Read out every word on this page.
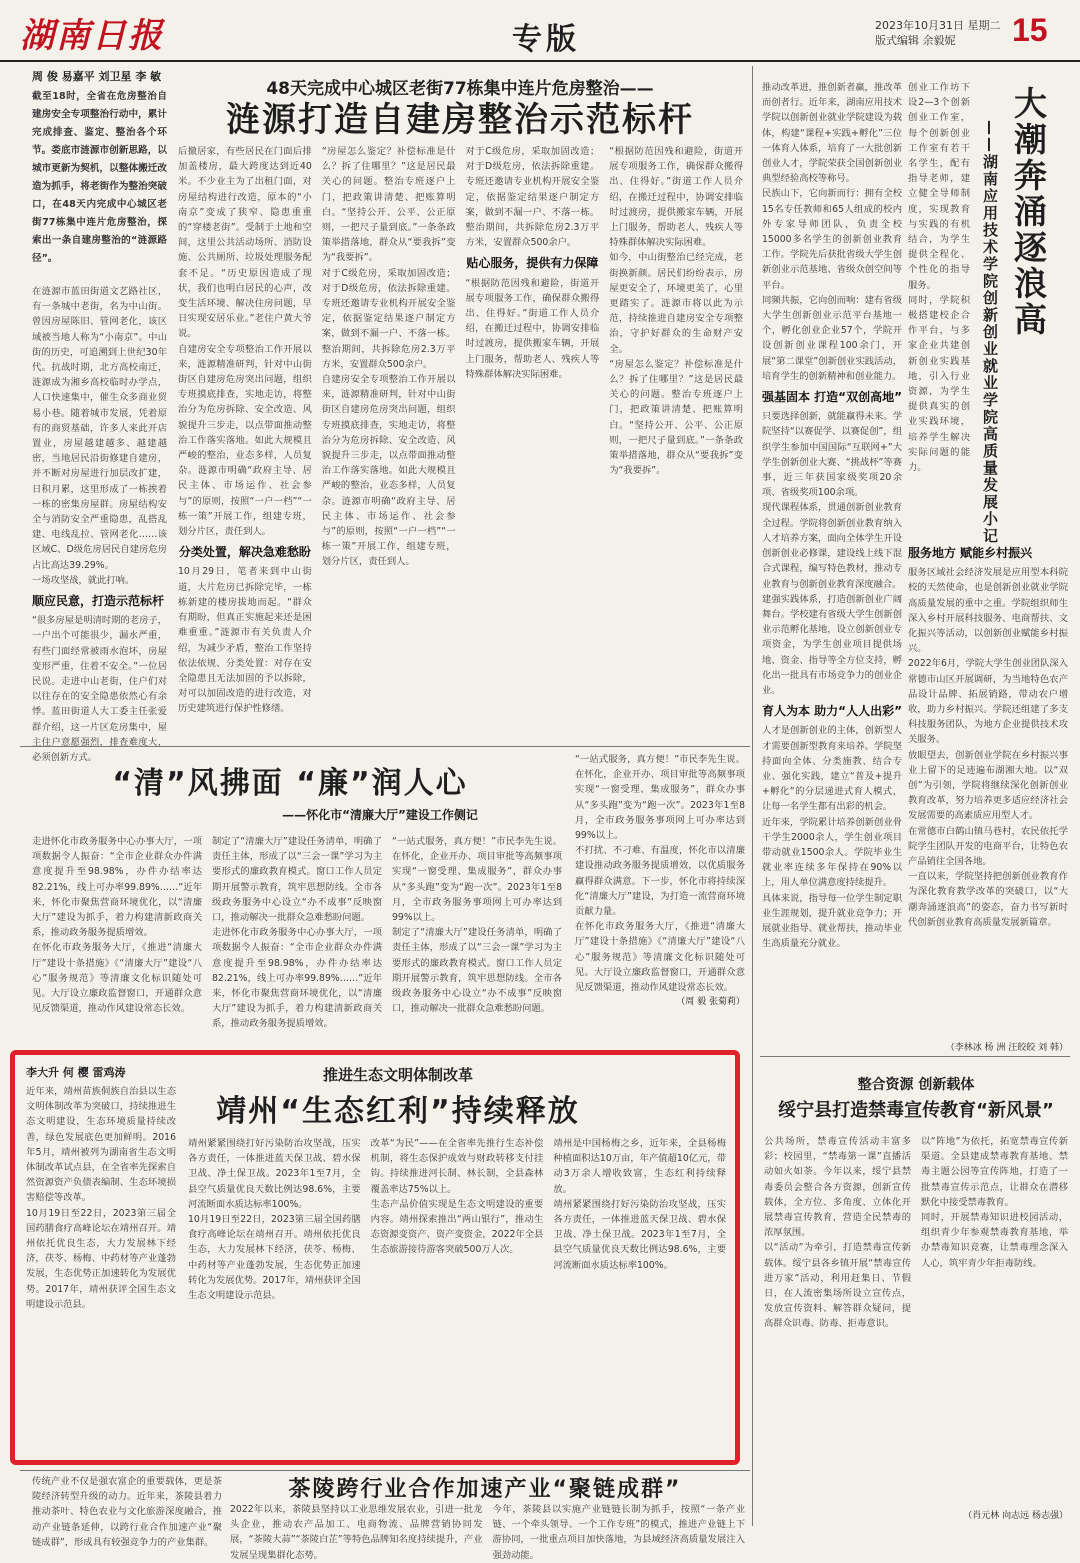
湖南日报	专版	2023年10月31日 星期二
版式编辑 余毅妮	15
周 俊 易嘉平 刘卫星 李 敏
截至18时，全省在危房整治自建房安全专项整治行动中，累计完成排查、鉴定、整治各个环节。娄底市涟源市创新思路，以城市更新为契机，以整体搬迁改造为抓手，将老街作为整治突破口，在48天内完成中心城区老街77栋集中连片危房整治，探索出一条自建房整治的“涟源路径”。
48天完成中心城区老街77栋集中连片危房整治——
涟源打造自建房整治示范标杆

在涟源市蓝田街道文艺路社区，有一条城中老街，名为中山街。曾因房屋陈旧、管网老化，该区域被当地人称为“小南京”。中山街的历史，可追溯到上世纪30年代。抗战时期，北方高校南迁，涟源成为湘乡高校临时办学点，人口快速集中，催生众多商业贸易小巷。随着城市发展，凭着原有的商贸基础，许多人来此开店置业，房屋越建越多、越建越密，当地居民沿街修建自建房，并不断对房屋进行加层改扩建，日积月累，这里形成了一栋挨着一栋的密集房屋群。房屋结构安全与消防安全严重隐患，乱搭乱建、电线乱拉、管网老化……该区域C、D级危房居民自建房危房占比高达39.29%。

一场攻坚战，就此打响。

顺应民意，打造示范标杆

“很多房屋是明清时期的老房子，一户出个可能很少，漏水严重，有些门面经常被雨水泡坏，房屋变形严重，住着不安全。”一位居民说。走进中山老街，住户们对以往存在的安全隐患依然心有余悸。蓝田街道人大工委主任张爱群介绍，这一片区危房集中，屋主住户意愿强烈，排查难度大，必须创新方式。

后撤居家，有些居民在门面后排加盖楼房，最大跨度达到近40米。不少业主为了出租门面，对房屋结构进行改造，原本的“小南京”变成了狭窄、隐患重重的“穿楼老街”。受制于土地和空间，这里公共活动场所、消防设施、公共厕所、垃圾处理服务配套不足。“历史原因造成了现状，我们也明白居民的心声，改变生活环境、解决住房问题，早日实现安居乐业。”老住户黄大爷说。

自建房安全专项整治工作开展以来，涟源精准研判，针对中山街街区自建房危房突出问题，组织专班摸底排查，实地走访，将整治分为危房拆除、安全改造、风貌提升三步走，以点带面推动整治工作落实落地。如此大规模且严峻的整治，业态多样，人员复杂。涟源市明确“政府主导、居民主体、市场运作、社会参与”的原则，按照“一户一档”“一栋一策”开展工作，组建专班，划分片区，责任到人。

分类处置，解决急难愁盼

10月29日，笔者来到中山街道，大片危房已拆除完毕，一栋栋新建的楼房拔地而起。“群众有期盼，但真正实施起来还是困难重重。”涟源市有关负责人介绍，为减少矛盾，整治工作坚持依法依规、分类处置：对存在安全隐患且无法加固的予以拆除，对可以加固改造的进行改造，对历史建筑进行保护性修缮。

“房屋怎么鉴定？补偿标准是什么？拆了住哪里？”这是居民最关心的问题。整治专班逐户上门，把政策讲清楚、把账算明白。“坚持公开、公平、公正原则，一把尺子量到底。”一条条政策举措落地，群众从“要我拆”变为“我要拆”。

对于C级危房，采取加固改造；对于D级危房，依法拆除重建。专班还邀请专业机构开展安全鉴定，依据鉴定结果逐户制定方案，做到不漏一户、不落一栋。整治期间，共拆除危房2.3万平方米，安置群众500余户。

自建房安全专项整治工作开展以来，涟源精准研判，针对中山街街区自建房危房突出问题，组织专班摸底排查，实地走访，将整治分为危房拆除、安全改造、风貌提升三步走，以点带面推动整治工作落实落地。如此大规模且严峻的整治，业态多样，人员复杂。涟源市明确“政府主导、居民主体、市场运作、社会参与”的原则，按照“一户一档”“一栋一策”开展工作，组建专班，划分片区，责任到人。

对于C级危房，采取加固改造；对于D级危房，依法拆除重建。专班还邀请专业机构开展安全鉴定，依据鉴定结果逐户制定方案，做到不漏一户、不落一栋。整治期间，共拆除危房2.3万平方米，安置群众500余户。

贴心服务，提供有力保障

“根据防范因残和避险，街道开展专项服务工作，确保群众搬得出、住得好。”街道工作人员介绍，在搬迁过程中，协调安排临时过渡房，提供搬家车辆，开展上门服务，帮助老人、残疾人等特殊群体解决实际困难。

“根据防范因残和避险，街道开展专项服务工作，确保群众搬得出、住得好。”街道工作人员介绍，在搬迁过程中，协调安排临时过渡房，提供搬家车辆，开展上门服务，帮助老人、残疾人等特殊群体解决实际困难。

如今，中山街整治已经完成，老街换新颜。居民们纷纷表示，房屋更安全了，环境更美了，心里更踏实了。涟源市将以此为示范，持续推进自建房安全专项整治，守护好群众的生命财产安全。

“房屋怎么鉴定？补偿标准是什么？拆了住哪里？”这是居民最关心的问题。整治专班逐户上门，把政策讲清楚、把账算明白。“坚持公开、公平、公正原则，一把尺子量到底。”一条条政策举措落地，群众从“要我拆”变为“我要拆”。

“清”风拂面 “廉”润人心
——怀化市“清廉大厅”建设工作侧记

走进怀化市政务服务中心办事大厅，一项项数据令人振奋：“全市企业群众办件满意度提升至98.98%，办件办结率达82.21%，线上可办率99.89%……”近年来，怀化市聚焦营商环境优化，以“清廉大厅”建设为抓手，着力构建清新政商关系，推动政务服务提质增效。

在怀化市政务服务大厅，《推进“清廉大厅”建设十条措施》《“清廉大厅”建设“八心”服务规范》等清廉文化标识随处可见。大厅设立廉政监督窗口，开通群众意见反馈渠道，推动作风建设常态长效。

制定了“清廉大厅”建设任务清单，明确了责任主体，形成了以“三会一课”学习为主要形式的廉政教育模式。窗口工作人员定期开展警示教育，筑牢思想防线。全市各级政务服务中心设立“办不成事”反映窗口，推动解决一批群众急难愁盼问题。

走进怀化市政务服务中心办事大厅，一项项数据令人振奋：“全市企业群众办件满意度提升至98.98%，办件办结率达82.21%，线上可办率99.89%……”近年来，怀化市聚焦营商环境优化，以“清廉大厅”建设为抓手，着力构建清新政商关系，推动政务服务提质增效。

“一站式服务，真方便！”市民李先生说。在怀化，企业开办、项目审批等高频事项实现“一窗受理、集成服务”，群众办事从“多头跑”变为“跑一次”。2023年1至8月，全市政务服务事项网上可办率达到99%以上。

制定了“清廉大厅”建设任务清单，明确了责任主体，形成了以“三会一课”学习为主要形式的廉政教育模式。窗口工作人员定期开展警示教育，筑牢思想防线。全市各级政务服务中心设立“办不成事”反映窗口，推动解决一批群众急难愁盼问题。

“一站式服务，真方便！”市民李先生说。在怀化，企业开办、项目审批等高频事项实现“一窗受理、集成服务”，群众办事从“多头跑”变为“跑一次”。2023年1至8月，全市政务服务事项网上可办率达到99%以上。

不打扰、不刁难、有温度，怀化市以清廉建设推动政务服务提质增效，以优质服务赢得群众满意。下一步，怀化市将持续深化“清廉大厅”建设，为打造一流营商环境贡献力量。

在怀化市政务服务大厅，《推进“清廉大厅”建设十条措施》《“清廉大厅”建设“八心”服务规范》等清廉文化标识随处可见。大厅设立廉政监督窗口，开通群众意见反馈渠道，推动作风建设常态长效。

（周 毅 张菊莉）
李大升 何 樱 雷鸡涛	推进生态文明体制改革
靖州“生态红利”持续释放

近年来，靖州苗族侗族自治县以生态文明体制改革为突破口，持续推进生态文明建设，生态环境质量持续改善，绿色发展底色更加鲜明。2016年5月，靖州被列为湖南省生态文明体制改革试点县，在全省率先探索自然资源资产负债表编制、生态环境损害赔偿等改革。

10月19日至22日，2023第三届全国药膳食疗高峰论坛在靖州召开。靖州依托优良生态，大力发展林下经济，茯苓、杨梅、中药材等产业蓬勃发展，生态优势正加速转化为发展优势。2017年，靖州获评全国生态文明建设示范县。

靖州紧紧围绕打好污染防治攻坚战，压实各方责任，一体推进蓝天保卫战、碧水保卫战、净土保卫战。2023年1至7月，全县空气质量优良天数比例达98.6%，主要河流断面水质达标率100%。

10月19日至22日，2023第三届全国药膳食疗高峰论坛在靖州召开。靖州依托优良生态，大力发展林下经济，茯苓、杨梅、中药材等产业蓬勃发展，生态优势正加速转化为发展优势。2017年，靖州获评全国生态文明建设示范县。

改革“为民”——在全省率先推行生态补偿机制，将生态保护成效与财政转移支付挂钩。持续推进河长制、林长制，全县森林覆盖率达75%以上。

生态产品价值实现是生态文明建设的重要内容。靖州探索推出“两山银行”，推动生态资源变资产、资产变资金，2022年全县生态旅游接待游客突破500万人次。

靖州是中国杨梅之乡，近年来，全县杨梅种植面积达10万亩，年产值超10亿元，带动3万余人增收致富，生态红利持续释放。

靖州紧紧围绕打好污染防治攻坚战，压实各方责任，一体推进蓝天保卫战、碧水保卫战、净土保卫战。2023年1至7月，全县空气质量优良天数比例达98.6%，主要河流断面水质达标率100%。

传统产业不仅是强农富企的重要载体，更是茶陵经济转型升级的动力。近年来，茶陵县着力推动茶叶、特色农业与文化旅游深度融合，推动产业链条延伸，以跨行业合作加速产业“聚链成群”，形成具有较强竞争力的产业集群。
茶陵跨行业合作加速产业“聚链成群”
2022年以来，茶陵县坚持以工业思维发展农业，引进一批龙头企业，推动农产品加工、电商物流、品牌营销协同发展，“茶陵大蒜”“茶陵白芷”等特色品牌知名度持续提升，产业发展呈现集群化态势。
今年，茶陵县以实施产业链链长制为抓手，按照“一条产业链、一个牵头领导、一个工作专班”的模式，推进产业链上下游协同，一批重点项目加快落地，为县域经济高质量发展注入强劲动能。
大潮奔涌逐浪高
——湖南应用技术学院创新创业就业学院高质量发展小记

推动改革进，推创新者赢，推改革而创者行。近年来，湖南应用技术学院以创新创业就业学院建设为载体，构建“课程+实践+孵化”三位一体育人体系，培育了一大批创新创业人才，学院荣获全国创新创业典型经验高校等称号。

民族山下，它向新而行：拥有全校15名专任教师和65人组成的校内外专家导师团队，负责全校15000多名学生的创新创业教育工作。学院先后获批省级大学生创新创业示范基地、省级众创空间等平台。

同频共振，它向创而响：建有省级大学生创新创业示范平台基地一个，孵化创业企业57个，学院开设创新创业课程100余门，开展“第二课堂”创新创业实践活动，培育学生的创新精神和创业能力。

强基固本 打造“双创高地”

只要选择创新，就能赢得未来。学院坚持“以赛促学、以赛促创”，组织学生参加中国国际“互联网+”大学生创新创业大赛、“挑战杯”等赛事，近三年获国家级奖项20余项、省级奖项100余项。

现代课程体系，贯通创新创业教育全过程。学院将创新创业教育纳入人才培养方案，面向全体学生开设创新创业必修课，建设线上线下混合式课程，编写特色教材，推动专业教育与创新创业教育深度融合。

建强实践体系，打造创新创业广阔舞台。学校建有省级大学生创新创业示范孵化基地，设立创新创业专项资金，为学生创业项目提供场地、资金、指导等全方位支持，孵化出一批具有市场竞争力的创业企业。

育人为本 助力“人人出彩”

人才是创新创业的主体，创新型人才需要创新型教育来培养。学院坚持面向全体、分类施教、结合专业、强化实践，建立“普及+提升+孵化”的分层递进式育人模式，让每一名学生都有出彩的机会。

近年来，学院累计培养创新创业骨干学生2000余人，学生创业项目带动就业1500余人。学院毕业生就业率连续多年保持在90%以上，用人单位满意度持续提升。

具体来说，指导每一位学生制定职业生涯规划，提升就业竞争力；开展就业指导、就业帮扶，推动毕业生高质量充分就业。

创业工作坊下设2—3个创新创业工作室，每个创新创业工作室有若干名学生，配有指导老师，建立健全导师制度，实现教育与实践的有机结合，为学生提供全程化、个性化的指导服务。

同时，学院积极搭建校企合作平台，与多家企业共建创新创业实践基地，引入行业资源，为学生提供真实的创业实践环境，培养学生解决实际问题的能力。

服务地方 赋能乡村振兴

服务区域社会经济发展是应用型本科院校的天然使命，也是创新创业就业学院高质量发展的重中之重。学院组织师生深入乡村开展科技服务、电商帮扶、文化振兴等活动，以创新创业赋能乡村振兴。

2022年6月，学院大学生创业团队深入常德市山区开展调研，为当地特色农产品设计品牌、拓展销路，带动农户增收，助力乡村振兴。学院还组建了多支科技服务团队，为地方企业提供技术攻关服务。

放眼望去，创新创业学院在乡村振兴事业上留下的足迹遍布湖湘大地。以“双创”为引领，学院将继续深化创新创业教育改革，努力培养更多适应经济社会发展需要的高素质应用型人才。

在常德市白鹤山镇马巷村，农民依托学院学生团队开发的电商平台，让特色农产品销往全国各地。

一直以来，学院坚持把创新创业教育作为深化教育教学改革的突破口，以“大潮奔涌逐浪高”的姿态，奋力书写新时代创新创业教育高质量发展新篇章。

（李林冰 杨 洲 汪皎皎 刘 韩）
整合资源 创新载体
绥宁县打造禁毒宣传教育“新风景”

公共场所，禁毒宣传活动丰富多彩；校园里，“禁毒第一课”直播活动如火如荼。今年以来，绥宁县禁毒委员会整合各方资源，创新宣传载体，全方位、多角度、立体化开展禁毒宣传教育，营造全民禁毒的浓厚氛围。

以“活动”为牵引，打造禁毒宣传新载体。绥宁县各乡镇开展“禁毒宣传进万家”活动，利用赶集日、节假日，在人流密集场所设立宣传点，发放宣传资料、解答群众疑问，提高群众识毒、防毒、拒毒意识。

以“阵地”为依托，拓宽禁毒宣传新渠道。全县建成禁毒教育基地、禁毒主题公园等宣传阵地，打造了一批禁毒宣传示范点，让群众在潜移默化中接受禁毒教育。

同时，开展禁毒知识进校园活动，组织青少年参观禁毒教育基地，举办禁毒知识竞赛，让禁毒理念深入人心，筑牢青少年拒毒防线。

（肖元林 向志远 杨志强）
